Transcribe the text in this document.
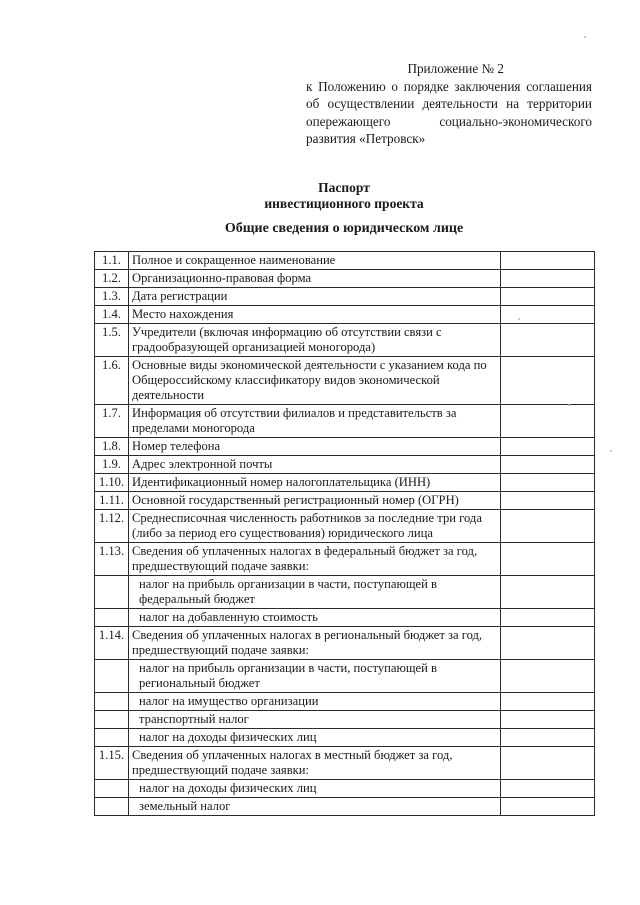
Приложение № 2
к Положению о порядке заключения соглашения об осуществлении деятельности на территории опережающего социально-экономического развития «Петровск»
Паспорт
инвестиционного проекта
Общие сведения о юридическом лице
1.1.	Полное и сокращенное наименование	
1.2.	Организационно-правовая форма	
1.3.	Дата регистрации	
1.4.	Место нахождения	
1.5.	Учредители (включая информацию об отсутствии связи с градообразующей организацией моногорода)	
1.6.	Основные виды экономической деятельности с указанием кода по Общероссийскому классификатору видов экономической деятельности	
1.7.	Информация об отсутствии филиалов и представительств за пределами моногорода	
1.8.	Номер телефона	
1.9.	Адрес электронной почты	
1.10.	Идентификационный номер налогоплательщика (ИНН)	
1.11.	Основной государственный регистрационный номер (ОГРН)	
1.12.	Среднесписочная численность работников за последние три года (либо за период его существования) юридического лица	
1.13.	Сведения об уплаченных налогах в федеральный бюджет за год, предшествующий подаче заявки:	
	налог на прибыль организации в части, поступающей в федеральный бюджет	
	налог на добавленную стоимость	
1.14.	Сведения об уплаченных налогах в региональный бюджет за год, предшествующий подаче заявки:	
	налог на прибыль организации в части, поступающей в региональный бюджет	
	налог на имущество организации	
	транспортный налог	
	налог на доходы физических лиц	
1.15.	Сведения об уплаченных налогах в местный бюджет за год, предшествующий подаче заявки:	
	налог на доходы физических лиц	
	земельный налог	
